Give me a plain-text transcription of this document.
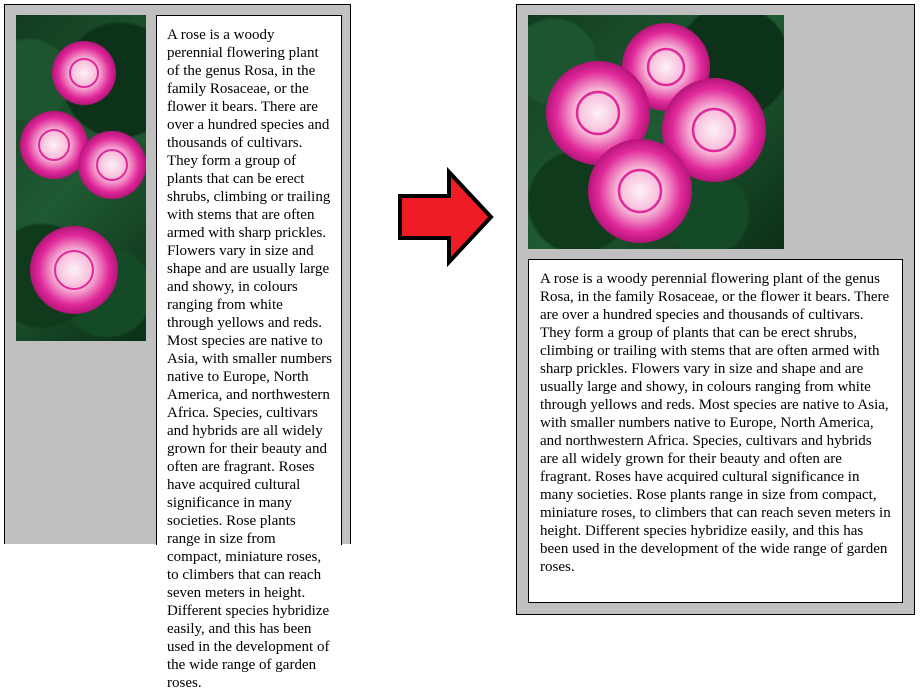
A rose is a woody perennial flowering plant of the genus Rosa, in the family Rosaceae, or the flower it bears. There are over a hundred species and thousands of cultivars. They form a group of plants that can be erect shrubs, climbing or trailing with stems that are often armed with sharp prickles. Flowers vary in size and shape and are usually large and showy, in colours ranging from white through yellows and reds. Most species are native to Asia, with smaller numbers native to Europe, North America, and northwestern Africa. Species, cultivars and hybrids are all widely grown for their beauty and often are fragrant. Roses have acquired cultural significance in many societies. Rose plants range in size from compact, miniature roses, to climbers that can reach seven meters in height. Different species hybridize easily, and this has been used in the development of the wide range of garden roses.

A rose is a woody perennial flowering plant of the genus Rosa, in the family Rosaceae, or the flower it bears. There are over a hundred species and thousands of cultivars. They form a group of plants that can be erect shrubs, climbing or trailing with stems that are often armed with sharp prickles. Flowers vary in size and shape and are usually large and showy, in colours ranging from white through yellows and reds. Most species are native to Asia, with smaller numbers native to Europe, North America, and northwestern Africa. Species, cultivars and hybrids are all widely grown for their beauty and often are fragrant. Roses have acquired cultural significance in many societies. Rose plants range in size from compact, miniature roses, to climbers that can reach seven meters in height. Different species hybridize easily, and this has been used in the development of the wide range of garden roses.
